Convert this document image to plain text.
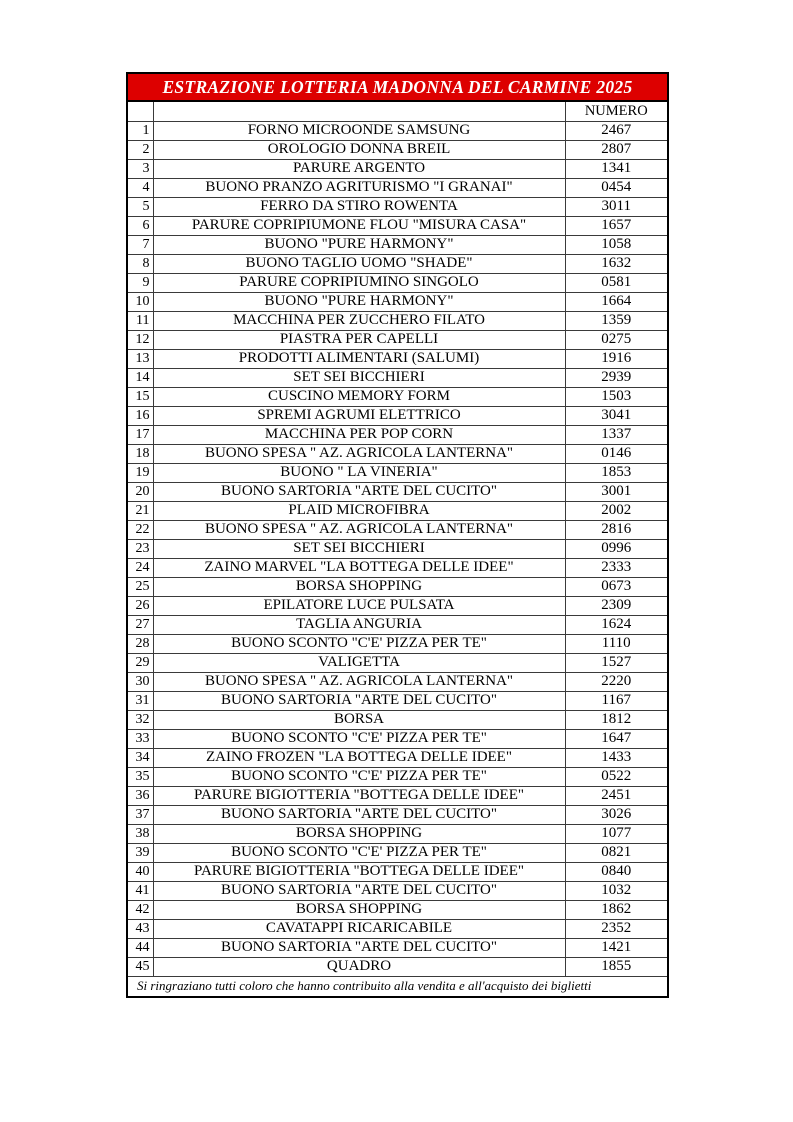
ESTRAZIONE LOTTERIA MADONNA DEL CARMINE 2025		
		NUMERO
1	FORNO MICROONDE SAMSUNG	2467
2	OROLOGIO DONNA BREIL	2807
3	PARURE ARGENTO	1341
4	BUONO PRANZO AGRITURISMO "I GRANAI"	0454
5	FERRO DA STIRO ROWENTA	3011
6	PARURE COPRIPIUMONE FLOU "MISURA CASA"	1657
7	BUONO "PURE HARMONY"	1058
8	BUONO TAGLIO UOMO "SHADE"	1632
9	PARURE COPRIPIUMINO SINGOLO	0581
10	BUONO "PURE HARMONY"	1664
11	MACCHINA PER ZUCCHERO FILATO	1359
12	PIASTRA PER CAPELLI	0275
13	PRODOTTI ALIMENTARI (SALUMI)	1916
14	SET SEI BICCHIERI	2939
15	CUSCINO MEMORY FORM	1503
16	SPREMI AGRUMI ELETTRICO	3041
17	MACCHINA PER POP CORN	1337
18	BUONO SPESA " AZ. AGRICOLA LANTERNA"	0146
19	BUONO " LA VINERIA"	1853
20	BUONO SARTORIA "ARTE DEL CUCITO"	3001
21	PLAID MICROFIBRA	2002
22	BUONO SPESA " AZ. AGRICOLA LANTERNA"	2816
23	SET SEI BICCHIERI	0996
24	ZAINO MARVEL "LA BOTTEGA DELLE IDEE"	2333
25	BORSA SHOPPING	0673
26	EPILATORE LUCE PULSATA	2309
27	TAGLIA ANGURIA	1624
28	BUONO SCONTO "C'E' PIZZA PER TE"	1110
29	VALIGETTA	1527
30	BUONO SPESA " AZ. AGRICOLA LANTERNA"	2220
31	BUONO SARTORIA "ARTE DEL CUCITO"	1167
32	BORSA	1812
33	BUONO SCONTO "C'E' PIZZA PER TE"	1647
34	ZAINO FROZEN "LA BOTTEGA DELLE IDEE"	1433
35	BUONO SCONTO "C'E' PIZZA PER TE"	0522
36	PARURE BIGIOTTERIA "BOTTEGA DELLE IDEE"	2451
37	BUONO SARTORIA "ARTE DEL CUCITO"	3026
38	BORSA SHOPPING	1077
39	BUONO SCONTO "C'E' PIZZA PER TE"	0821
40	PARURE BIGIOTTERIA "BOTTEGA DELLE IDEE"	0840
41	BUONO SARTORIA "ARTE DEL CUCITO"	1032
42	BORSA SHOPPING	1862
43	CAVATAPPI RICARICABILE	2352
44	BUONO SARTORIA "ARTE DEL CUCITO"	1421
45	QUADRO	1855
Si ringraziano tutti coloro che hanno contribuito alla vendita e all'acquisto dei biglietti		
